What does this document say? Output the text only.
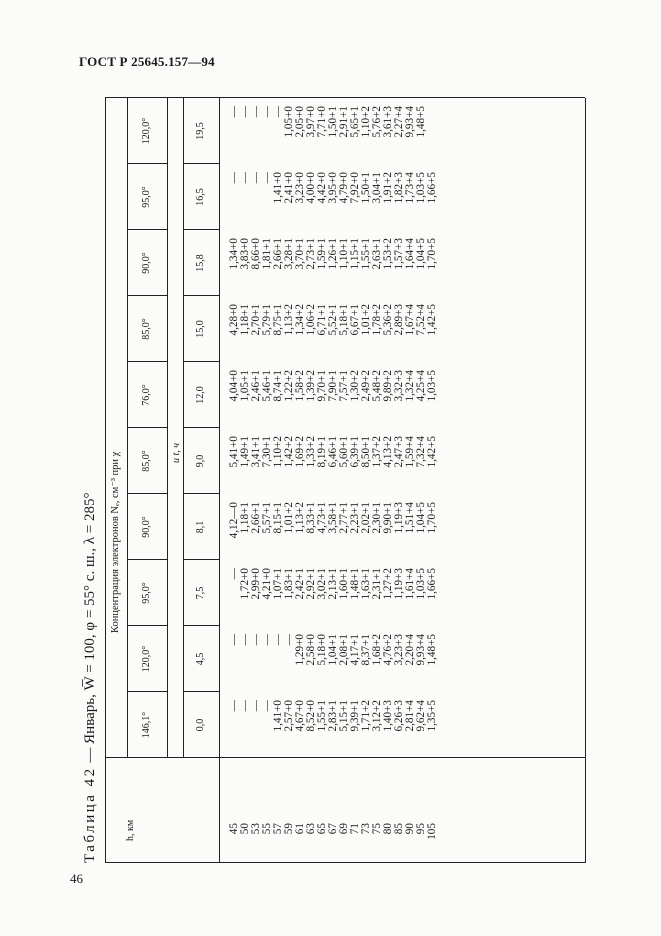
ГОСТ Р 25645.157—94
46
Таблица 42 — Январь, W̅ = 100, φ = 55° с. ш., λ = 285°
h, км
Концентрация электронов Nₑ, см⁻³ при χ	и t, ч
146,1°
120,0°
95,0°
90,0°
85,0°
76,0°
85,0°
90,0°
95,0°
120,0°
0,0
4,5
7,5
8,1
9,0
12,0
15,0
15,8
16,5
19,5
45
50
53
55
57
59
61
63
65
67
69
71
73
75
80
85
90
95
105
—
—
—
—
1,41+0
2,57+0
4,67+0
8,52+0
1,55+1
2,83+1
5,15+1
9,39+1
1,71+2
3,12+2
1,40+3
6,26+3
2,81+4
9,62+4
1,35+5
—
—
—
—
—
—
1,29+0
2,58+0
5,18+0
1,04+1
2,08+1
4,17+1
8,37+1
1,68+2
4,76+2
3,23+3
2,20+4
9,93+4
1,48+5
—
1,72+0
2,99+0
4,21+0
1,07+1
1,83+1
2,42+1
2,92+1
3,02+1
2,13+1
1,60+1
1,48+1
1,63+1
2,31+1
1,27+2
1,19+3
1,61+4
1,03+5
1,66+5
4,12—0
1,18+1
2,66+1
5,57+1
8,15+1
1,01+2
1,13+2
8,33+1
4,73+1
3,58+1
2,77+1
2,23+1
2,02+1
2,30+1
9,90+1
1,19+3
1,51+4
1,04+5
1,70+5
5,41+0
1,49+1
3,41+1
7,30+1
1,10+2
1,42+2
1,69+2
1,33+2
8,19+1
6,46+1
5,60+1
6,39+1
8,50+1
1,37+2
4,13+2
2,47+3
1,59+4
7,32+4
1,42+5
4,04+0
1,05+1
2,46+1
5,46+1
8,74+1
1,22+2
1,58+2
1,39+2
9,70+1
7,90+1
7,57+1
1,30+2
2,49+2
5,48+2
9,89+2
3,32+3
1,32+4
4,25+4
1,03+5
4,28+0
1,18+1
2,70+1
5,79+1
8,75+1
1,13+2
1,34+2
1,06+2
6,71+1
5,52+1
5,18+1
6,67+1
1,01+2
1,78+2
5,36+2
2,89+3
1,67+4
7,52+4
1,42+5
1,34+0
3,83+0
8,66+0
1,81+1
2,66+1
3,28+1
3,70+1
2,73+1
1,59+1
1,26+1
1,10+1
1,15+1
1,55+1
2,63+1
1,53+2
1,57+3
1,64+4
1,04+5
1,70+5
—
—
—
—
1,41+0
2,41+0
3,23+0
4,00+0
4,42+0
3,95+0
4,79+0
7,92+0
1,50+1
3,04+1
1,91+2
1,82+3
1,73+4
1,03+5
1,66+5
—
—
—
—
—
1,05+0
2,05+0
3,97+0
7,71+0
1,50+1
2,91+1
5,65+1
1,10+2
5,76+2
3,61+3
2,27+4
9,93+4
1,48+5
